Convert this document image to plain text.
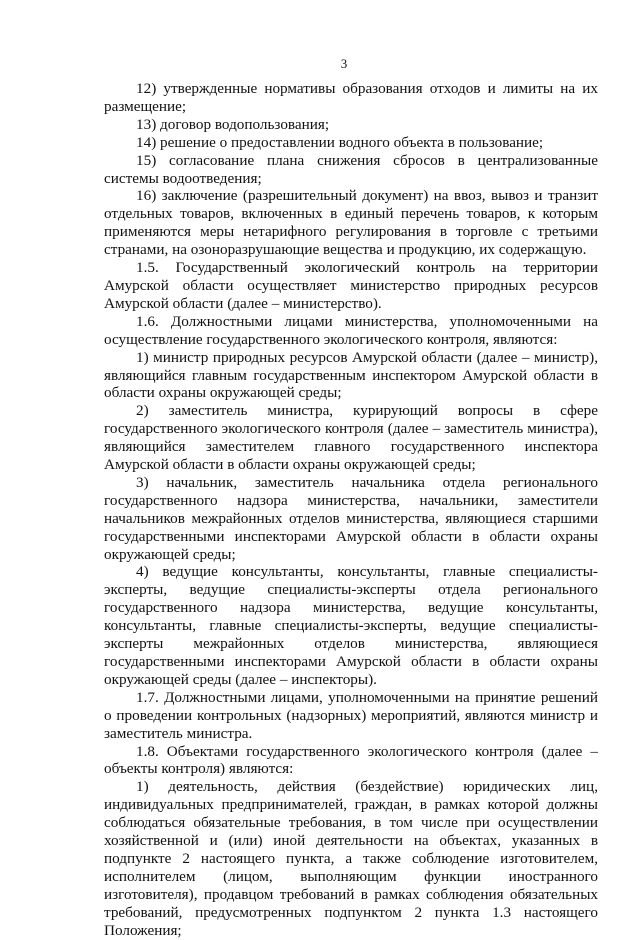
3

12) утвержденные нормативы образования отходов и лимиты на их размещение;

13) договор водопользования;

14) решение о предоставлении водного объекта в пользование;

15) согласование плана снижения сбросов в централизованные системы водоотведения;

16) заключение (разрешительный документ) на ввоз, вывоз и транзит отдельных товаров, включенных в единый перечень товаров, к которым применяются меры нетарифного регулирования в торговле с третьими странами, на озоноразрушающие вещества и продукцию, их содержащую.

1.5. Государственный экологический контроль на территории Амурской области осуществляет министерство природных ресурсов Амурской области (далее – министерство).

1.6. Должностными лицами министерства, уполномоченными на осуществление государственного экологического контроля, являются:

1) министр природных ресурсов Амурской области (далее – министр), являющийся главным государственным инспектором Амурской области в области охраны окружающей среды;

2) заместитель министра, курирующий вопросы в сфере государственного экологического контроля (далее – заместитель министра), являющийся заместителем главного государственного инспектора Амурской области в области охраны окружающей среды;

3) начальник, заместитель начальника отдела регионального государственного надзора министерства, начальники, заместители начальников межрайонных отделов министерства, являющиеся старшими государственными инспекторами Амурской области в области охраны окружающей среды;

4) ведущие консультанты, консультанты, главные специалисты-эксперты, ведущие специалисты-эксперты отдела регионального государственного надзора министерства, ведущие консультанты, консультанты, главные специалисты-эксперты, ведущие специалисты-эксперты межрайонных отделов министерства, являющиеся государственными инспекторами Амурской области в области охраны окружающей среды (далее – инспекторы).

1.7. Должностными лицами, уполномоченными на принятие решений о проведении контрольных (надзорных) мероприятий, являются министр и заместитель министра.

1.8. Объектами государственного экологического контроля (далее – объекты контроля) являются:

1) деятельность, действия (бездействие) юридических лиц, индивидуальных предпринимателей, граждан, в рамках которой должны соблюдаться обязательные требования, в том числе при осуществлении хозяйственной и (или) иной деятельности на объектах, указанных в подпункте 2 настоящего пункта, а также соблюдение изготовителем, исполнителем (лицом, выполняющим функции иностранного изготовителя), продавцом требований в рамках соблюдения обязательных требований, предусмотренных подпунктом 2 пункта 1.3 настоящего Положения;
